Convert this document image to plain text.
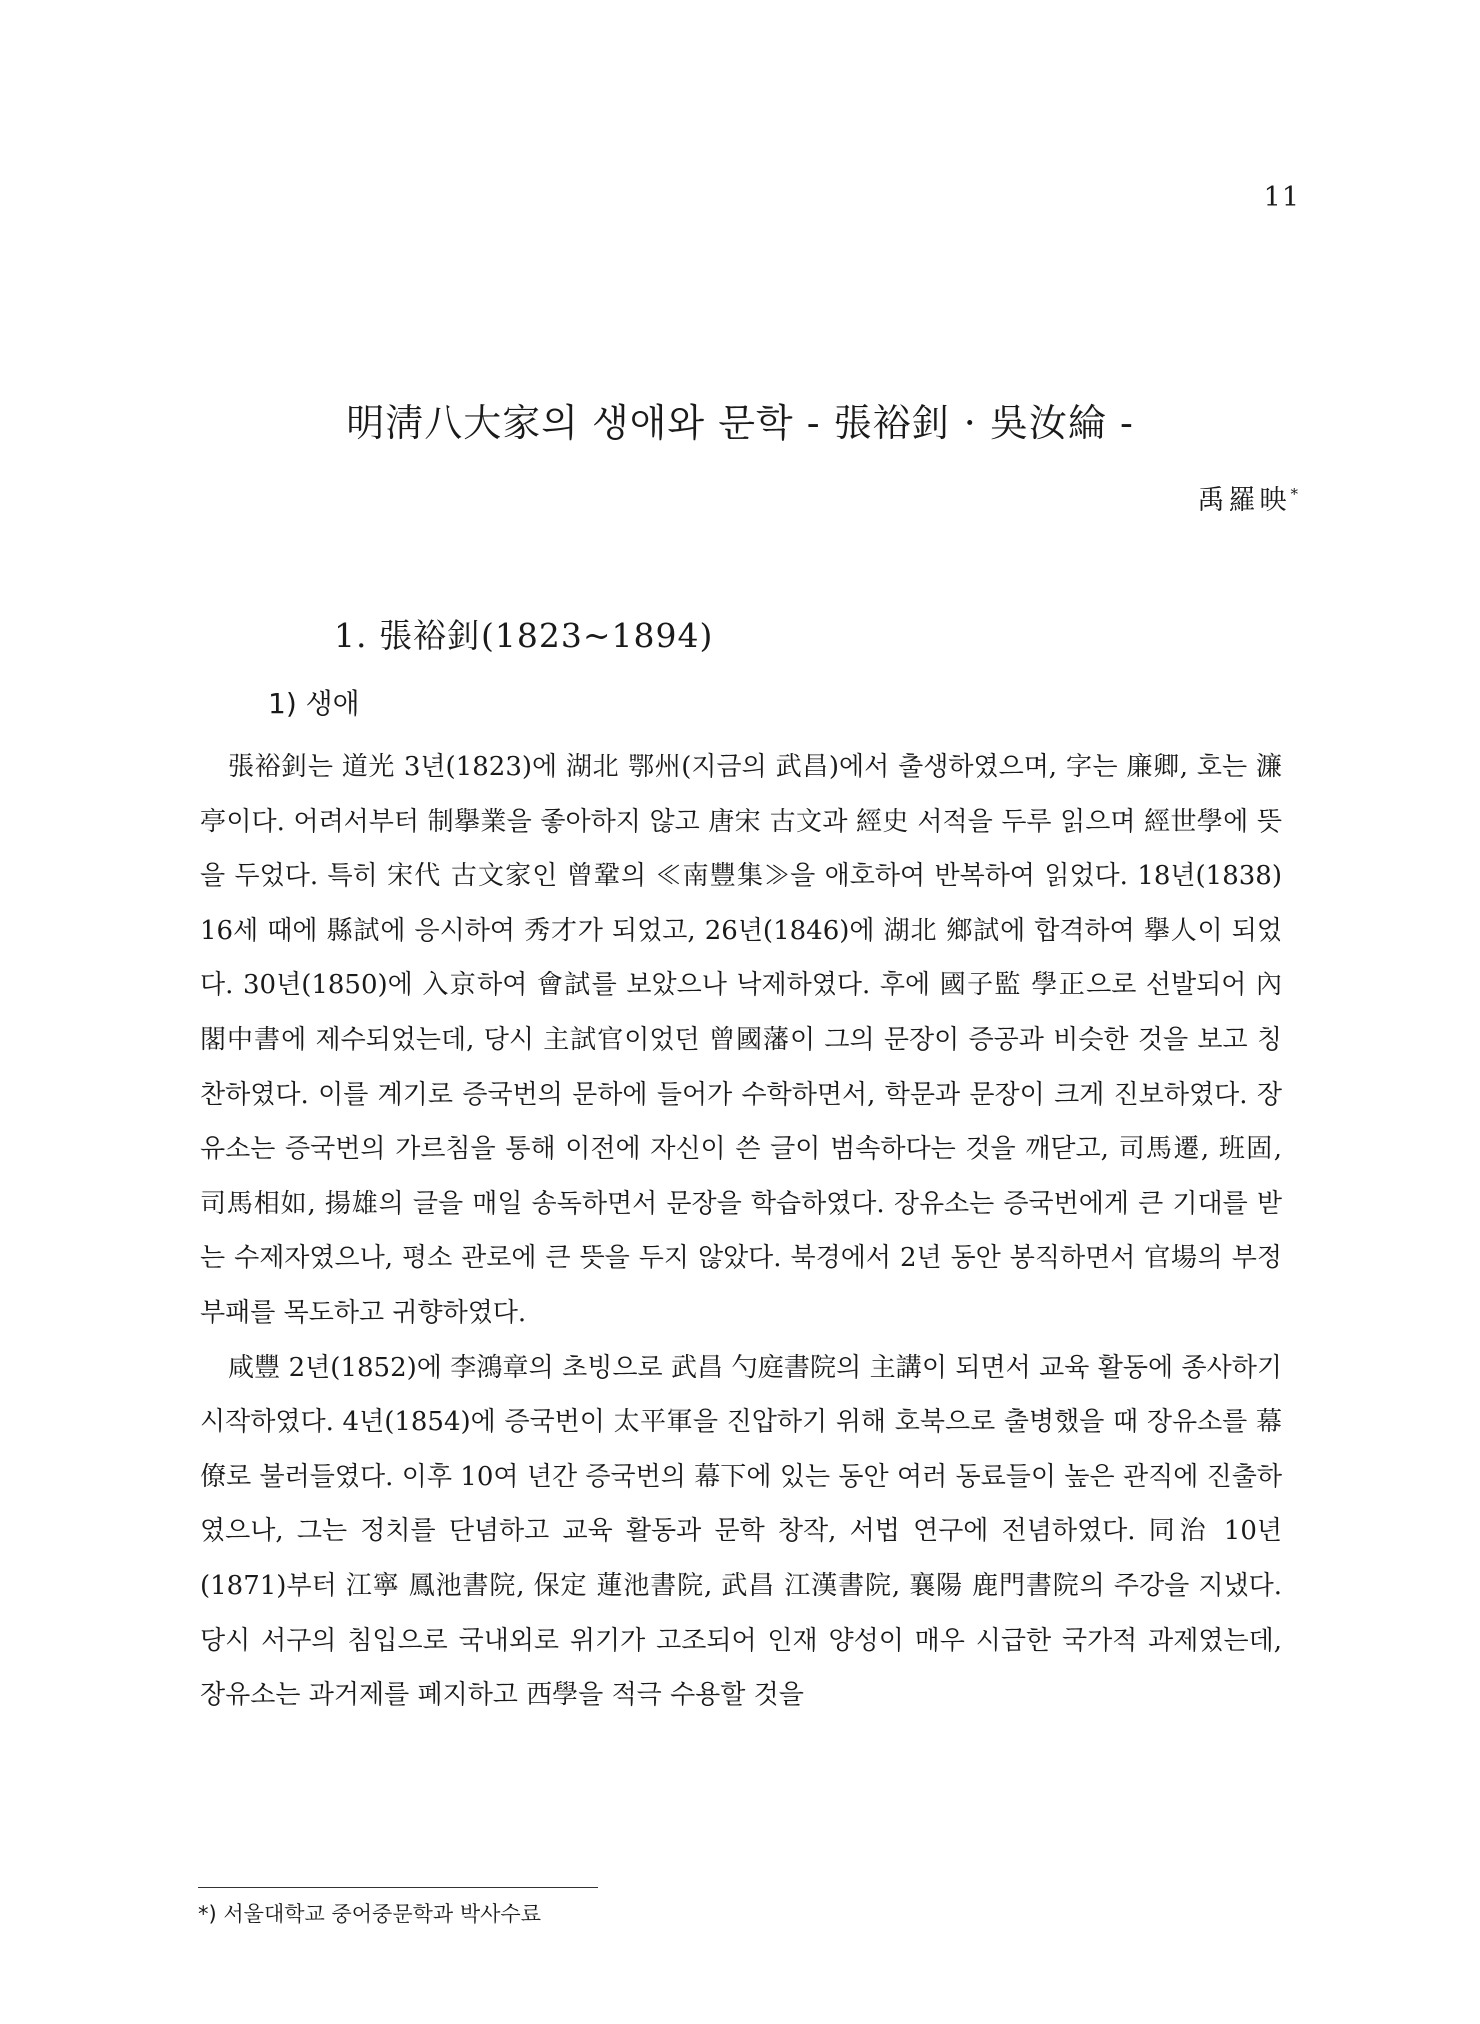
11
明淸八大家의 생애와 문학 - 張裕釗 · 吳汝綸 -
禹羅映*
1. 張裕釗(1823~1894)
1) 생애

張裕釗는 道光 3년(1823)에 湖北 鄂州(지금의 武昌)에서 출생하였으며, 字는 廉卿, 호는 濂亭이다. 어려서부터 制擧業을 좋아하지 않고 唐宋 古文과 經史 서적을 두루 읽으며 經世學에 뜻을 두었다. 특히 宋代 古文家인 曾鞏의 ≪南豐集≫을 애호하여 반복하여 읽었다. 18년(1838) 16세 때에 縣試에 응시하여 秀才가 되었고, 26년(1846)에 湖北 鄉試에 합격하여 擧人이 되었다. 30년(1850)에 入京하여 會試를 보았으나 낙제하였다. 후에 國子監 學正으로 선발되어 內閣中書에 제수되었는데, 당시 主試官이었던 曾國藩이 그의 문장이 증공과 비슷한 것을 보고 칭찬하였다. 이를 계기로 증국번의 문하에 들어가 수학하면서, 학문과 문장이 크게 진보하였다. 장유소는 증국번의 가르침을 통해 이전에 자신이 쓴 글이 범속하다는 것을 깨닫고, 司馬遷, 班固, 司馬相如, 揚雄의 글을 매일 송독하면서 문장을 학습하였다. 장유소는 증국번에게 큰 기대를 받는 수제자였으나, 평소 관로에 큰 뜻을 두지 않았다. 북경에서 2년 동안 봉직하면서 官場의 부정부패를 목도하고 귀향하였다.

咸豐 2년(1852)에 李鴻章의 초빙으로 武昌 勺庭書院의 主講이 되면서 교육 활동에 종사하기 시작하였다. 4년(1854)에 증국번이 太平軍을 진압하기 위해 호북으로 출병했을 때 장유소를 幕僚로 불러들였다. 이후 10여 년간 증국번의 幕下에 있는 동안 여러 동료들이 높은 관직에 진출하였으나, 그는 정치를 단념하고 교육 활동과 문학 창작, 서법 연구에 전념하였다. 同治 10년(1871)부터 江寧 鳳池書院, 保定 蓮池書院, 武昌 江漢書院, 襄陽 鹿門書院의 주강을 지냈다. 당시 서구의 침입으로 국내외로 위기가 고조되어 인재 양성이 매우 시급한 국가적 과제였는데, 장유소는 과거제를 폐지하고 西學을 적극 수용할 것을

*) 서울대학교 중어중문학과 박사수료
